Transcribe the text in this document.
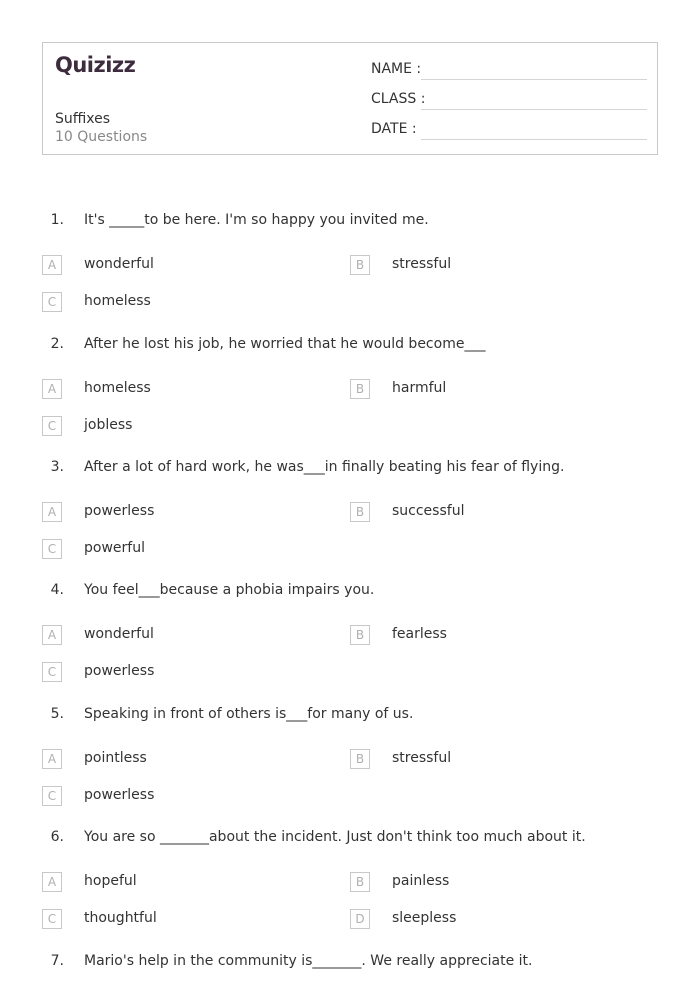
Quizizz
Suffixes
10 Questions
NAME :
CLASS :
DATE :
1. It's _____to be here. I'm so happy you invited me.
A	wonderful	B	stressful
C	homeless
2. After he lost his job, he worried that he would become___
A	homeless	B	harmful
C	jobless
3. After a lot of hard work, he was___in finally beating his fear of flying.
A	powerless	B	successful
C	powerful
4. You feel___because a phobia impairs you.
A	wonderful	B	fearless
C	powerless
5. Speaking in front of others is___for many of us.
A	pointless	B	stressful
C	powerless
6. You are so _______about the incident. Just don't think too much about it.
A	hopeful	B	painless
C	thoughtful	D	sleepless
7. Mario's help in the community is_______. We really appreciate it.
